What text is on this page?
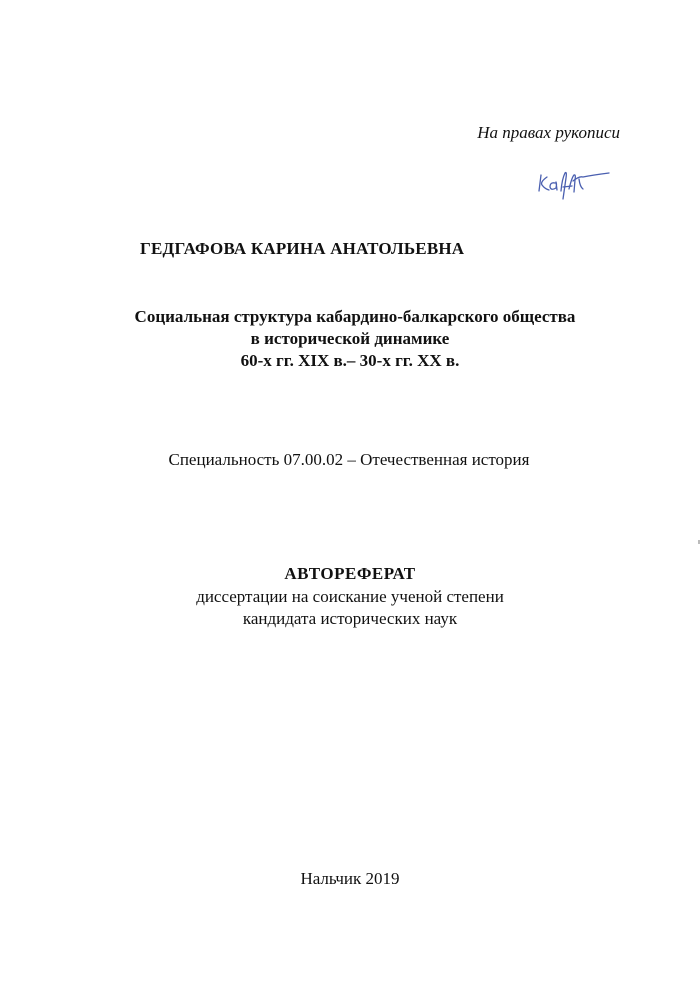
На правах рукописи
ГЕДГАФОВА КАРИНА АНАТОЛЬЕВНА
Социальная структура кабардино-балкарского общества
в исторической динамике
60-х гг. XIX в.– 30-х гг. XX в.
Специальность 07.00.02 – Отечественная история
АВТОРЕФЕРАТ
диссертации на соискание ученой степени
кандидата исторических наук
Нальчик 2019
